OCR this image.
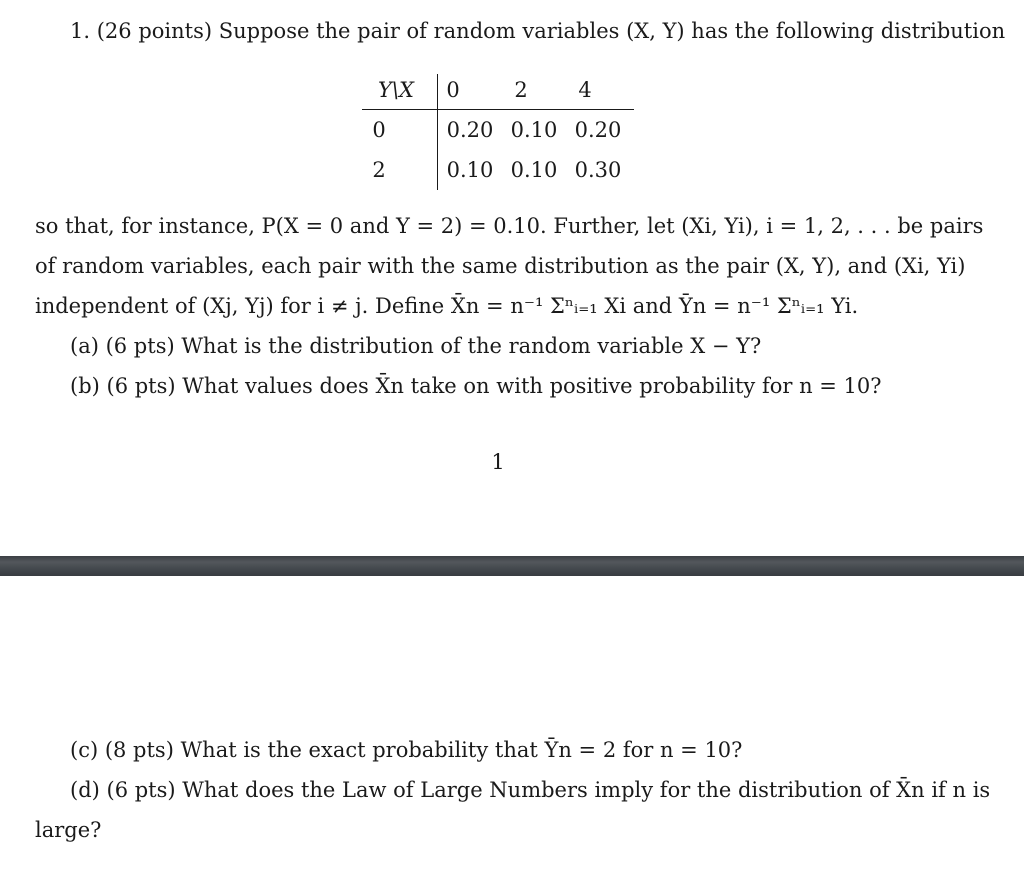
1. (26 points) Suppose the pair of random variables (X, Y) has the following distribution
Y\X	0	2 4
0	0.20 0.10 0.20
2	0.10 0.10 0.30
so that, for instance, P(X = 0 and Y = 2) = 0.10. Further, let (Xi, Yi), i = 1, 2, . . . be pairs
of random variables, each pair with the same distribution as the pair (X, Y), and (Xi, Yi)
independent of (Xj, Yj) for i ≠ j. Define X̄n = n⁻¹ Σⁿᵢ₌₁ Xi and Ȳn = n⁻¹ Σⁿᵢ₌₁ Yi.
(a) (6 pts) What is the distribution of the random variable X − Y?
(b) (6 pts) What values does X̄n take on with positive probability for n = 10?
1
(c) (8 pts) What is the exact probability that Ȳn = 2 for n = 10?
(d) (6 pts) What does the Law of Large Numbers imply for the distribution of X̄n if n is
large?
